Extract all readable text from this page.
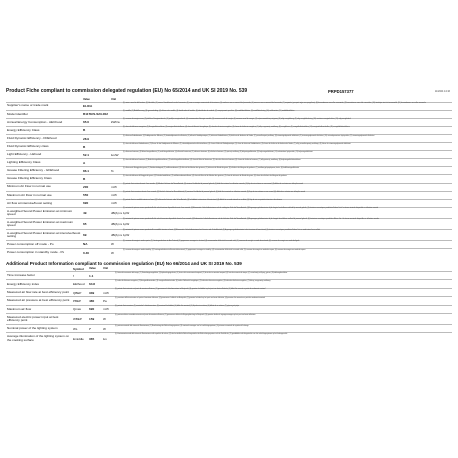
Product Fiche compliant to commission delegated regulation (EU) No 65/2014 and UK SI 2019 No. 539	PRPD157377	11/2024 14:16
	Value	Unit	
Supplier's name or trade mark	ELICA		(1) nome o marchio del fornitore; (2) Hersteller; (3) naam of handelsmerk van de leverancier; (4) nom ou marque commerciale du fournisseur; (5) nombre o marca comercial del proveedor; (6) nome ou marca comercial do fornecedor; (7) ονομασία ή εμπορικό σήμα του προμηθευτή; (8) leverandørens navn eller varemærke; (9) leverantörens namn eller varumärke; (10) toimittajan nimi tai tavaramerkki; (11) leverandørens navn eller varemerke
Model identifier	B117E/S-S23-002		(1) modello; (2) Modellkennung; (3) typeaanduiding; (4) référence du modèle; (5) identificador del modelo; (6) identificador de modelo; (7) αναγνωριστικό μοντέλου; (8) modelidentifikation; (9) modellbeteckning; (10) mallitunniste; (11) modellidentifikator
Annual Energy Consumption - AEChood	65.0	kWh/a	(1) consumo di energia annuo; (2) jährlicher Energieverbrauch; (3) jaarlijks energieverbruik; (4) consommation d'énergie annuelle; (5) consumo anual de energía; (6) consumo anual de energia; (7) ετήσια κατανάλωση ενέργειας; (8) årligt energiforbrug; (9) årlig energiförbrukning; (10) vuotuinen energiankulutus; (11) årlig energiforbruk
Energy Efficiency Class	B		(1) classe di efficienza energetica; (2) Energieeffizienzklasse; (3) energie-efficiëntieklasse; (4) classe d'efficacité énergétique; (5) clase de eficiencia energética; (6) classe de eficiência energética; (7) τάξη ενεργειακής απόδοσης; (8) energiklasse; (9) energieffektivitetsklass; (10) energiatehokkuusluokka; (11) energieffektivitetsklasse
Fluid Dynamic Efficiency - FDEhood	28.9		(1) efficienza fluidodinamica; (2) fluiddynamische Effizienz; (3) vloeistofdynamische efficiëntie; (4) efficacité fluidodynamique; (5) eficiencia fluidodinámica; (6) eficiência de dinâmica de fluidos; (7) ρευστοδυναμική απόδοση; (8) strømningsdynamisk effektivitet; (9) strömningsdynamisk effektivitet; (10) virtausdynaaminen hyötysuhde; (11) strømningsdynamisk effektivitet
Fluid Dynamic Efficiency class	B		(1) classe di efficienza fluidodinamica; (2) Klasse für die fluiddynamische Effizienz; (3) vloeistofdynamische-efficiëntieklasse; (4) classe d'efficacité fluidodynamique; (5) clase de eficiencia fluidodinámica; (6) classe de eficiência de dinâmica de fluidos; (7) τάξη ρευστοδυναμικής απόδοσης; (8) klasse for strømningsdynamisk effektivitet
Light Efficiency - LEhood	52.1	lux/W	(1) efficienza luminosa; (2) Beleuchtungseffizienz; (3) verlichtingsefficiëntie; (4) efficacité lumineuse; (5) eficiencia luminosa; (6) eficiência luminosa; (7) φωτεινή απόδοση; (8) belysningseffektivitet; (9) belysningseffektivitet; (10) valaistuksen hyötysuhde; (11) belysningseffektivitet
Lighting Efficiency Class	A		(1) classe di efficienza luminosa; (2) Beleuchtungseffizienzklasse; (3) verlichtingsefficiëntieklasse; (4) classe d'efficacité lumineuse; (5) clase de eficiencia luminosa; (6) classe de eficiência luminosa; (7) τάξη φωτεινής απόδοσης; (8) belysningseffektivitetsklasse
Grease Filtering Efficiency - GFEhood	86.1	%	(1) efficienza di filtraggio dei grassi; (2) Fettabscheidegrad; (3) vetfilterrendement; (4) efficacité de filtration des graisses; (5) eficiencia de filtrado de grasa; (6) eficiência de filtragem de gorduras; (7) απόδοση φιλτραρίσματος λιπών; (8) fedtfiltreringseffektivitet
Grease Filtering Efficiency Class	B		(1) classe di efficienza di filtraggio dei grassi; (2) Fettabscheideklasse; (3) vetfilterrendementsklasse; (4) classe d'efficacité de filtration des graisses; (5) clase de eficiencia de filtrado de grasa; (6) classe de eficiência de filtragem de gorduras
Minimum Air Flow in normal use	200	m³/h	(1) portata d'aria minima durante l'uso normale; (2) Mindest-Luftstrom bei Normalbetrieb; (3) minimaal luchtdebiet bij normaal gebruik; (4) débit d'air minimal en utilisation normale; (5) flujo de aire mínimo en uso normal; (6) débito de ar mínimo em utilização normal
Maximum Air Flow in normal use	550	m³/h	(1) portata d'aria massima durante l'uso normale; (2) Höchst-Luftstrom bei Normalbetrieb; (3) maximaal luchtdebiet bij normaal gebruik; (4) débit d'air maximal en utilisation normale; (5) flujo de aire máximo en uso normal; (6) débito de ar máximo em utilização normal
Air flow at intensive/boost setting	690	m³/h	(1) portata d'aria in modalità intensiva o boost; (2) Luftstrom bei Intensiv- oder Schnellbetrieb; (3) luchtdebiet in intensieve of boost-stand; (4) débit d'air en mode intensif ou accéléré; (5) flujo de aire en posición intensiva o de refuerzo
A-weighted Sound Power Emission at minimum speed	49	dB(A) re 1pW	(1) emissioni di potenza sonora ponderata A alla velocità minima disponibile durante l'uso normale; (2) A-bewertete Luftschallemissionen auf der niedrigsten Stufe bei Normalbetrieb; (3) A-gewogen geluidsemissies bij de laagste beschikbare snelheid bij normaal gebruik; (4) émissions acoustiques pondérées A dans l'air à la vitesse minimale disponible en utilisation normale
A-weighted Sound Power Emission at maximum speed	65	dB(A) re 1pW	(1) emissioni di potenza sonora ponderata A alla velocità massima disponibile durante l'uso normale; (2) A-bewertete Luftschallemissionen auf der höchsten Stufe bei Normalbetrieb; (3) A-gewogen geluidsemissies bij de hoogste beschikbare snelheid bij normaal gebruik; (4) émissions acoustiques pondérées A dans l'air à la vitesse maximale disponible en utilisation normale
A-weighted Sound Power Emission at intensive/boost setting	69	dB(A) re 1pW	(1) emissioni di potenza sonora ponderata A in modalità intensiva o boost; (2) A-bewertete Luftschallemissionen bei Intensiv- oder Schnellbetrieb; (3) A-gewogen geluidsemissies in de intensieve of boost-stand; (4) émissions acoustiques pondérées A dans l'air en mode intensif ou accéléré
Power consumption off mode - Po	NA	W	(1) consumo di energia in modo spento; (2) Leistungsaufnahme im Aus-Zustand; (3) opgenomen vermogen in uit-stand; (4) consommation d'électricité en mode arrêt; (5) consumo de energía en modo desactivado; (6) consumo de energia em modo desligado
Power consumption in standby mode - Ps	0.40	W	(1) consumo di energia in modo stand-by; (2) Leistungsaufnahme im Bereitschaftszustand; (3) opgenomen vermogen in stand-by; (4) consommation d'électricité en mode veille; (5) consumo de energía en modo de espera; (6) consumo de energia em modo de espera
Additional Product Information compliant to commission regulation (EU) No 66/2014 and UK SI 2019 No. 539
	Symbol	Value	Unit	
Time increase factor	f	1.1		(1) fattore di incremento del tempo; (2) Zeitverlängerungsfaktor; (3) tijdsverlengingsfactor; (4) facteur d'accroissement temporel; (5) factor de incremento temporal; (6) fator de aumento de tempo; (7) συντελεστής αύξησης χρόνου; (8) tidsforøgelsesfaktor
Energy Efficiency index	EEIhood	64.8		(1) indice di efficienza energetica; (2) Energieeffizienzindex; (3) energie-efficiëntie-index; (4) indice d'efficacité énergétique; (5) índice de eficiencia energética; (6) índice de eficiência energética; (7) δείκτης ενεργειακής απόδοσης
Measured air flow rate at best efficiency point	QBEP	339	m³/h	(1) portata d'aria misurata nel punto di massima efficienza; (2) gemessener Luftvolumenstrom im Bestpunkt; (3) gemeten luchtdebiet op het punt van beste efficiëntie; (4) débit d'air mesuré au point de rendement maximal
Measured air pressure at best efficiency point	PBEP	480	Pa	(1) pressione dell'aria misurata nel punto di massima efficienza; (2) gemessener Luftdruck im Bestpunkt; (3) gemeten luchtdruk op het punt van beste efficiëntie; (4) pression d'air mesurée au point de rendement maximal
Maximum air flow	Qmax	690	m³/h	(1) portata d'aria massima; (2) maximaler Luftvolumenstrom; (3) maximaal luchtdebiet; (4) débit d'air maximal; (5) flujo de aire máximo; (6) débito de ar máximo; (7) μέγιστη ροή αέρα
Measured electric power input at best efficiency point	WBEP	159	W	(1) potenza elettrica assorbita misurata nel punto di massima efficienza; (2) gemessene elektrische Eingangsleistung im Bestpunkt; (3) gemeten elektrisch ingangsvermogen op het punt van beste efficiëntie
Nominal power of the lighting system	WL	7	W	(1) potenza nominale del sistema di illuminazione; (2) Nennleistung des Beleuchtungssystems; (3) nominaal vermogen van het verlichtingssysteem; (4) puissance nominale du système d'éclairage
Average illumination of the lighting system on the cooking surface	Emiddle	365	lux	(1) illuminamento medio del sistema di illuminazione sulla superficie di cottura; (2) durchschnittliche Beleuchtungsstärke des Beleuchtungssystems auf der Kochfläche; (3) gemiddelde verlichtingssterkte van het verlichtingssysteem op het kookoppervlak
